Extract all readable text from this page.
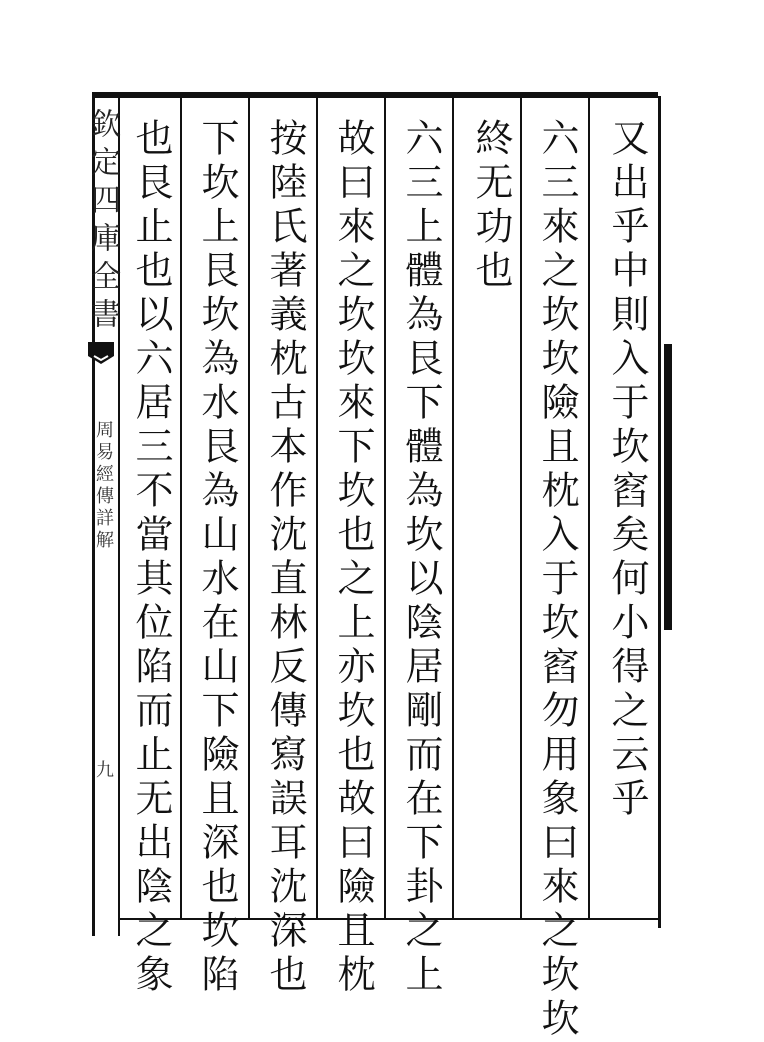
欽定四庫全書
周易經傳詳解
九	又出乎中則入于坎窞矣何小得之云乎
六三來之坎坎險且枕入于坎窞勿用象曰來之坎坎
終无功也
六三上體為艮下體為坎以陰居剛而在下卦之上
故曰來之坎坎來下坎也之上亦坎也故曰險且枕
按陸氏著義枕古本作沈直林反傳寫誤耳沈深也
下坎上艮坎為水艮為山水在山下險且深也坎陷
也艮止也以六居三不當其位陷而止无出陰之象
